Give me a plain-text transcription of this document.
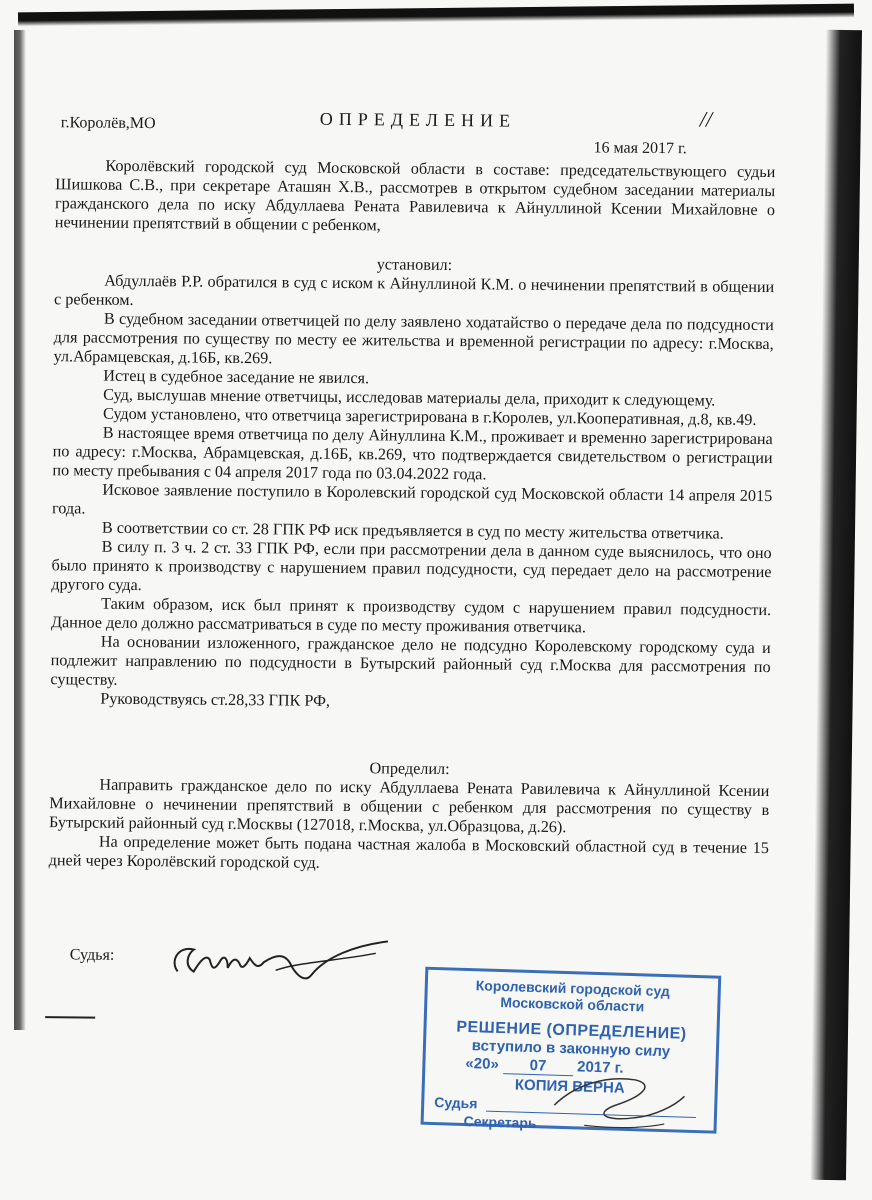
ОПРЕДЕЛЕНИЕ
г.Королёв,МО
16 мая 2017 г.
//

Королёвский городской суд Московской области в составе: председательствующего судьи Шишкова С.В., при секретаре Аташян Х.В., рассмотрев в открытом судебном заседании материалы гражданского дела по иску Абдуллаева Рената Равилевича к Айнуллиной Ксении Михайловне о нечинении препятствий в общении с ребенком,

установил:

Абдуллаёв Р.Р. обратился в суд с иском к Айнуллиной К.М. о нечинении препятствий в общении с ребенком.

В судебном заседании ответчицей по делу заявлено ходатайство о передаче дела по подсудности для рассмотрения по существу по месту ее жительства и временной регистрации по адресу: г.Москва, ул.Абрамцевская, д.16Б, кв.269.

Истец в судебное заседание не явился.

Суд, выслушав мнение ответчицы, исследовав материалы дела, приходит к следующему.

Судом установлено, что ответчица зарегистрирована в г.Королев, ул.Кооперативная, д.8, кв.49.

В настоящее время ответчица по делу Айнуллина К.М., проживает и временно зарегистрирована по адресу: г.Москва, Абрамцевская, д.16Б, кв.269, что подтверждается свидетельством о регистрации по месту пребывания с 04 апреля 2017 года по 03.04.2022 года.

Исковое заявление поступило в Королевский городской суд Московской области 14 апреля 2015 года.

В соответствии со ст. 28 ГПК РФ иск предъявляется в суд по месту жительства ответчика.

В силу п. 3 ч. 2 ст. 33 ГПК РФ, если при рассмотрении дела в данном суде выяснилось, что оно было принято к производству с нарушением правил подсудности, суд передает дело на рассмотрение другого суда.

Таким образом, иск был принят к производству судом с нарушением правил подсудности. Данное дело должно рассматриваться в суде по месту проживания ответчика.

На основании изложенного, гражданское дело не подсудно Королевскому городскому суда и подлежит направлению по подсудности в Бутырский районный суд г.Москва для рассмотрения по существу.

Руководствуясь ст.28,33 ГПК РФ,

Определил:

Направить гражданское дело по иску Абдуллаева Рената Равилевича к Айнуллиной Ксении Михайловне о нечинении препятствий в общении с ребенком для рассмотрения по существу в Бутырский районный суд г.Москвы (127018, г.Москва, ул.Образцова, д.26).

На определение может быть подана частная жалоба в Московский областной суд в течение 15 дней через Королёвский городской суд.

Судья:
Королевский городской суд
Московской области
РЕШЕНИЕ (ОПРЕДЕЛЕНИЕ)
вступило в законную силу
«20» 07 2017 г.
КОПИЯ ВЕРНА
Судья
Секретарь
